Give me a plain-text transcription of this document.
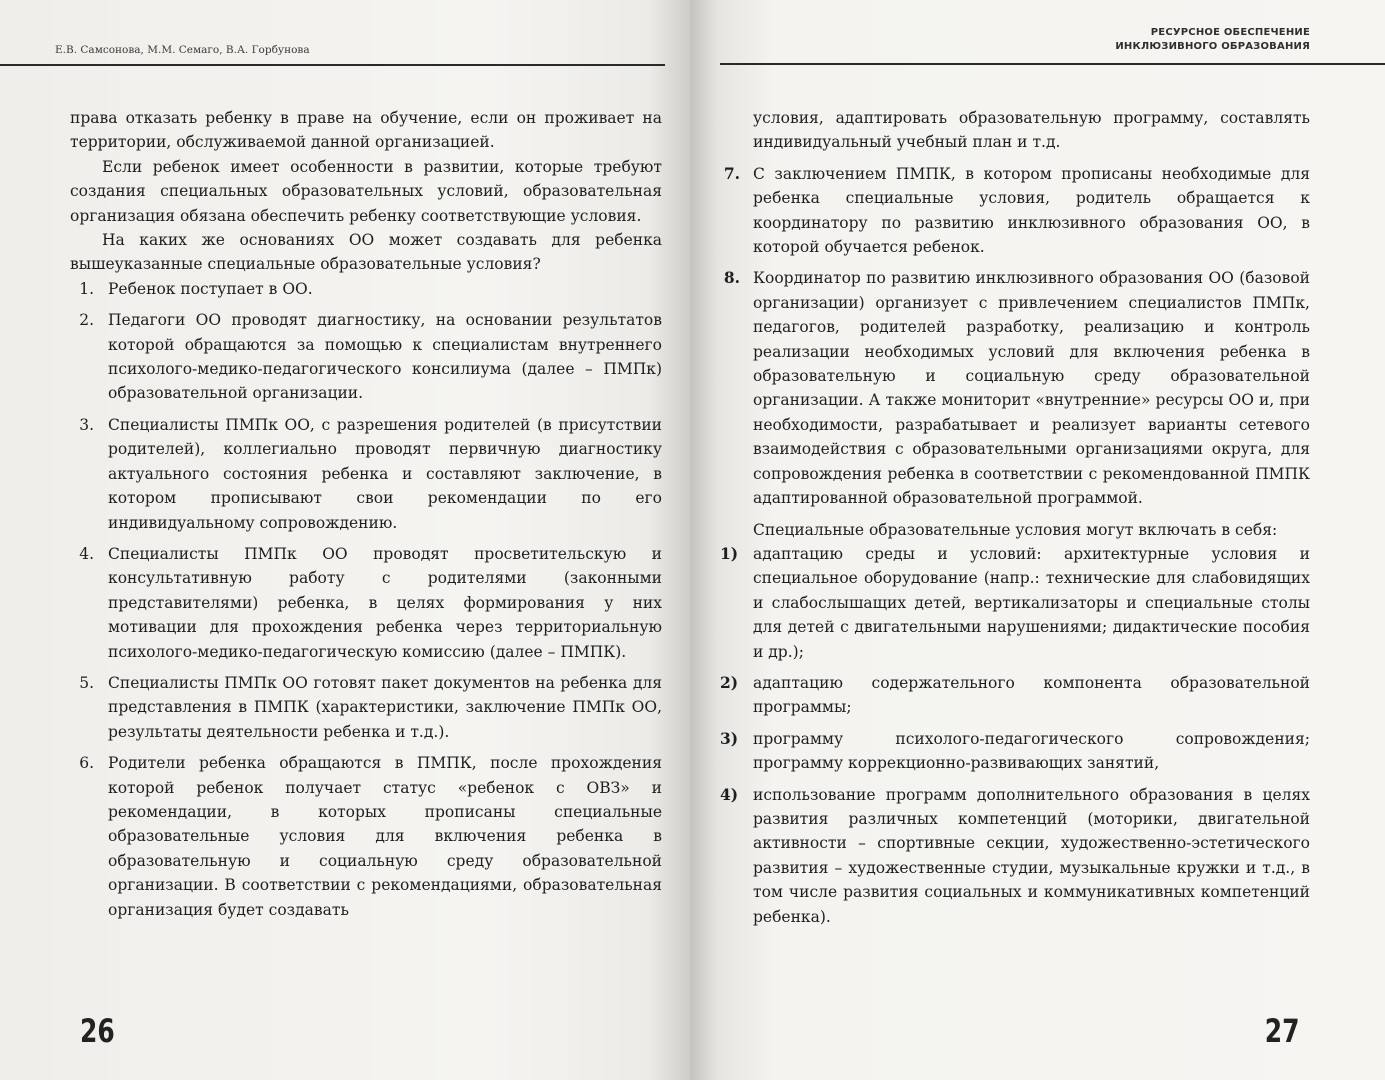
Е.В. Самсонова, М.М. Семаго, В.А. Горбунова

права отказать ребенку в праве на обучение, если он проживает на территории, обслуживаемой данной организацией.

Если ребенок имеет особенности в развитии, которые требуют создания специальных образовательных условий, образовательная организация обязана обеспечить ребенку соответствующие условия.

На каких же основаниях ОО может создавать для ребенка вышеуказанные специальные образовательные условия?

1. Ребенок поступает в ОО.
2. Педагоги ОО проводят диагностику, на основании результатов которой обращаются за помощью к специалистам внутреннего психолого-медико-педагогического консилиума (далее – ПМПк) образовательной организации.
3. Специалисты ПМПк ОО, с разрешения родителей (в присутствии родителей), коллегиально проводят первичную диагностику актуального состояния ребенка и составляют заключение, в котором прописывают свои рекомендации по его индивидуальному сопровождению.
4. Специалисты ПМПк ОО проводят просветительскую и консультативную работу с родителями (законными представителями) ребенка, в целях формирования у них мотивации для прохождения ребенка через территориальную психолого-медико-педагогическую комиссию (далее – ПМПК).
5. Специалисты ПМПк ОО готовят пакет документов на ребенка для представления в ПМПК (характеристики, заключение ПМПк ОО, результаты деятельности ребенка и т.д.).
6. Родители ребенка обращаются в ПМПК, после прохождения которой ребенок получает статус «ребенок с ОВЗ» и рекомендации, в которых прописаны специальные образовательные условия для включения ребенка в образовательную и социальную среду образовательной организации. В соответствии с рекомендациями, образовательная организация будет создавать
26
РЕСУРСНОЕ ОБЕСПЕЧЕНИЕ
ИНКЛЮЗИВНОГО ОБРАЗОВАНИЯ

условия, адаптировать образовательную программу, составлять индивидуальный учебный план и т.д.

7. С заключением ПМПК, в котором прописаны необходимые для ребенка специальные условия, родитель обращается к координатору по развитию инклюзивного образования ОО, в которой обучается ребенок.
8. Координатор по развитию инклюзивного образования ОО (базовой организации) организует с привлечением специалистов ПМПк, педагогов, родителей разработку, реализацию и контроль реализации необходимых условий для включения ребенка в образовательную и социальную среду образовательной организации. А также мониторит «внутренние» ресурсы ОО и, при необходимости, разрабатывает и реализует варианты сетевого взаимодействия с образовательными организациями округа, для сопровождения ребенка в соответствии с рекомендованной ПМПК адаптированной образовательной программой.

Специальные образовательные условия могут включать в себя:

1) адаптацию среды и условий: архитектурные условия и специальное оборудование (напр.: технические для слабовидящих и слабослышащих детей, вертикализаторы и специальные столы для детей с двигательными нарушениями; дидактические пособия и др.);
2) адаптацию содержательного компонента образовательной программы;
3) программу психолого-педагогического сопровождения; программу коррекционно-развивающих занятий,
4) использование программ дополнительного образования в целях развития различных компетенций (моторики, двигательной активности – спортивные секции, художественно-эстетического развития – художественные студии, музыкальные кружки и т.д., в том числе развития социальных и коммуникативных компетенций ребенка).
27
